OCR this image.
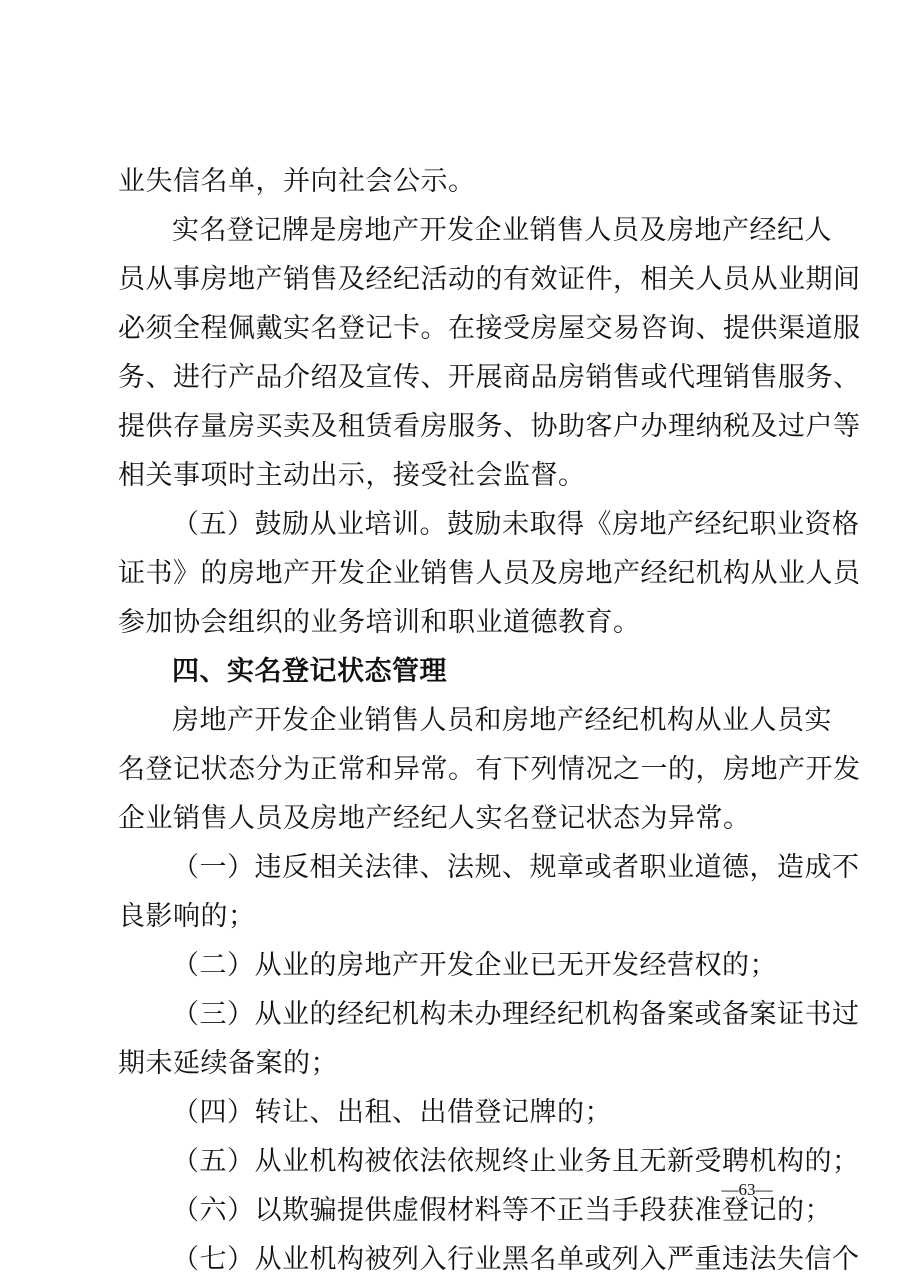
业失信名单，并向社会公示。
实名登记牌是房地产开发企业销售人员及房地产经纪人
员从事房地产销售及经纪活动的有效证件，相关人员从业期间
必须全程佩戴实名登记卡。在接受房屋交易咨询、提供渠道服
务、进行产品介绍及宣传、开展商品房销售或代理销售服务、
提供存量房买卖及租赁看房服务、协助客户办理纳税及过户等
相关事项时主动出示，接受社会监督。
（五）鼓励从业培训。鼓励未取得《房地产经纪职业资格
证书》的房地产开发企业销售人员及房地产经纪机构从业人员
参加协会组织的业务培训和职业道德教育。
四、实名登记状态管理
房地产开发企业销售人员和房地产经纪机构从业人员实
名登记状态分为正常和异常。有下列情况之一的，房地产开发
企业销售人员及房地产经纪人实名登记状态为异常。
（一）违反相关法律、法规、规章或者职业道德，造成不
良影响的；
（二）从业的房地产开发企业已无开发经营权的；
（三）从业的经纪机构未办理经纪机构备案或备案证书过
期未延续备案的；
（四）转让、出租、出借登记牌的；
（五）从业机构被依法依规终止业务且无新受聘机构的；
（六）以欺骗提供虚假材料等不正当手段获准登记的；
（七）从业机构被列入行业黑名单或列入严重违法失信个
—63—
